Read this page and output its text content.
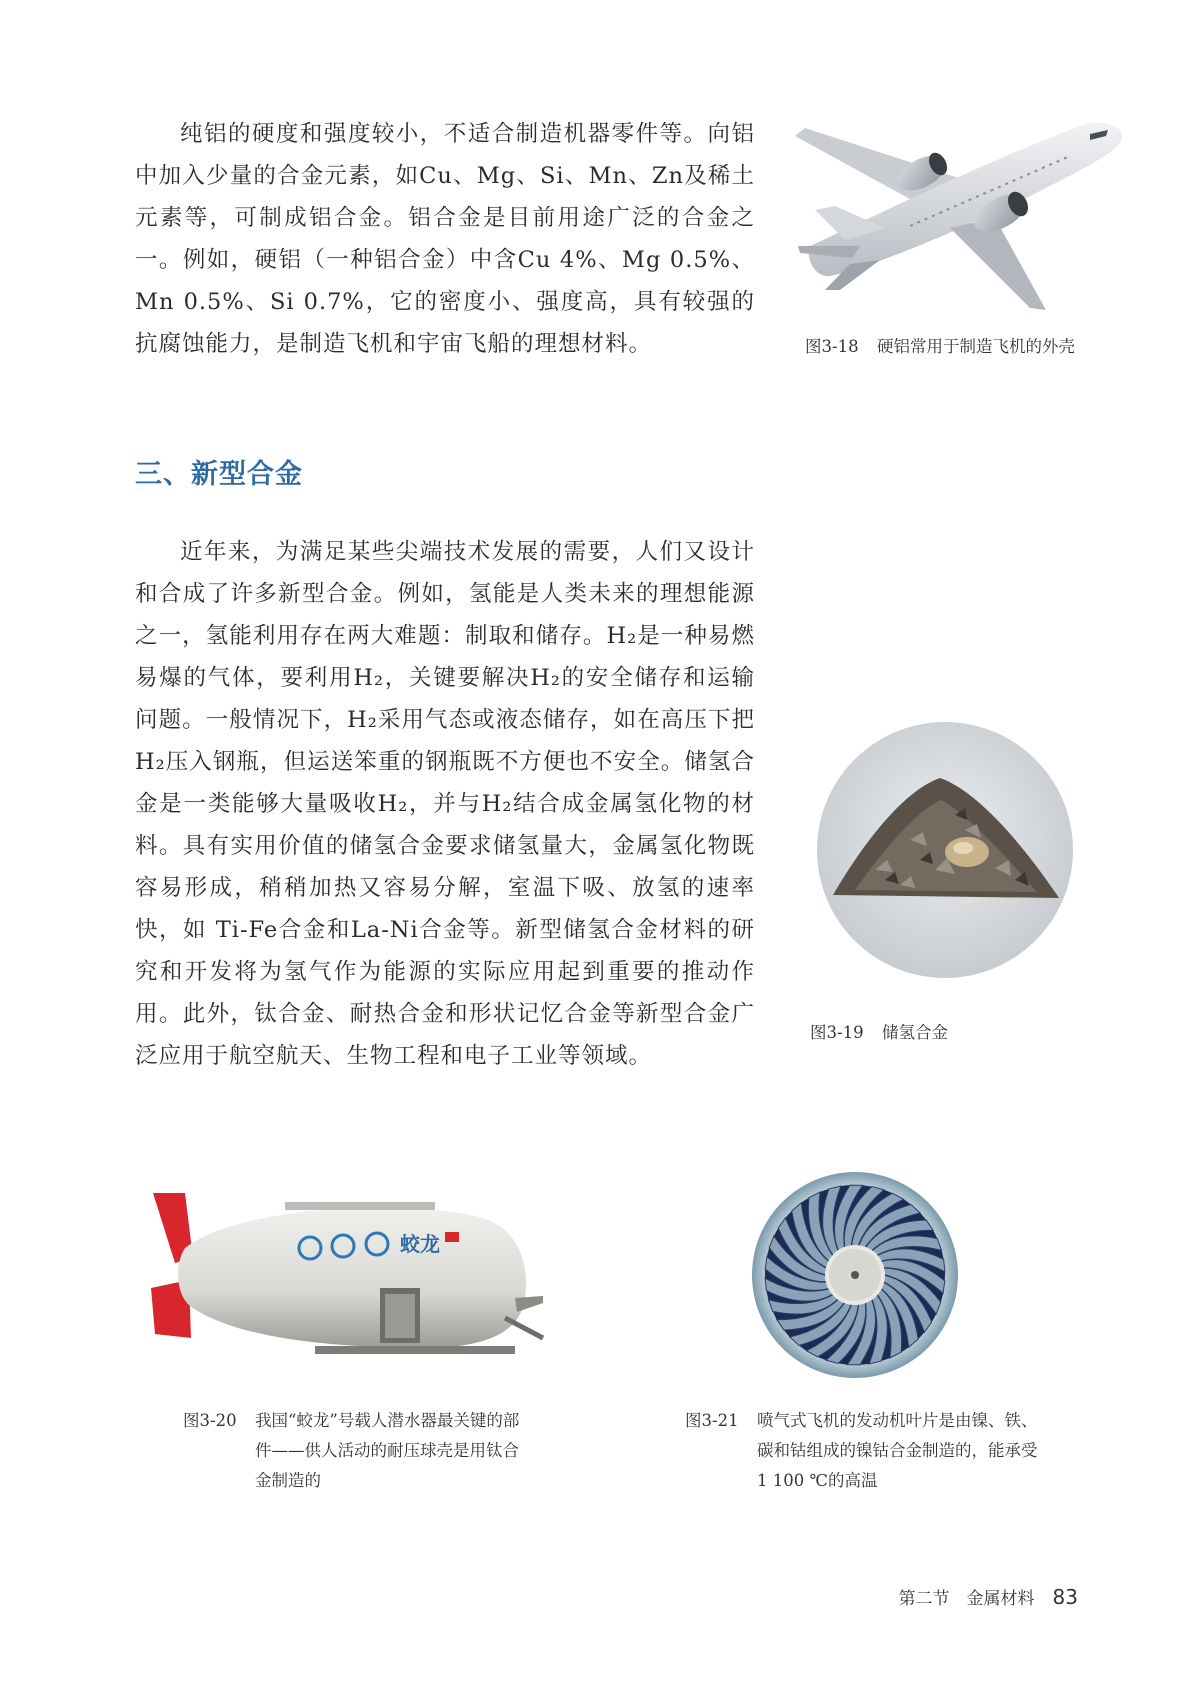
纯铝的硬度和强度较小，不适合制造机器零件等。向铝中加入少量的合金元素，如Cu、Mg、Si、Mn、Zn及稀土元素等，可制成铝合金。铝合金是目前用途广泛的合金之一。例如，硬铝（一种铝合金）中含Cu 4%、Mg 0.5%、Mn 0.5%、Si 0.7%，它的密度小、强度高，具有较强的抗腐蚀能力，是制造飞机和宇宙飞船的理想材料。	图3-18 硬铝常用于制造飞机的外壳
三、新型合金

近年来，为满足某些尖端技术发展的需要，人们又设计和合成了许多新型合金。例如，氢能是人类未来的理想能源之一，氢能利用存在两大难题：制取和储存。H₂是一种易燃易爆的气体，要利用H₂，关键要解决H₂的安全储存和运输问题。一般情况下，H₂采用气态或液态储存，如在高压下把H₂压入钢瓶，但运送笨重的钢瓶既不方便也不安全。储氢合金是一类能够大量吸收H₂，并与H₂结合成金属氢化物的材料。具有实用价值的储氢合金要求储氢量大，金属氢化物既容易形成，稍稍加热又容易分解，室温下吸、放氢的速率快，如 Ti-Fe合金和La-Ni合金等。新型储氢合金材料的研究和开发将为氢气作为能源的实际应用起到重要的推动作用。此外，钛合金、耐热合金和形状记忆合金等新型合金广泛应用于航空航天、生物工程和电子工业等领域。

图3-19 储氢合金
蛟龙
图3-20 我国“蛟龙”号载人潜水器最关键的部件——供人活动的耐压球壳是用钛合金制造的
图3-21 喷气式飞机的发动机叶片是由镍、铁、碳和钴组成的镍钴合金制造的，能承受1 100 ℃的高温
第二节　金属材料 83
